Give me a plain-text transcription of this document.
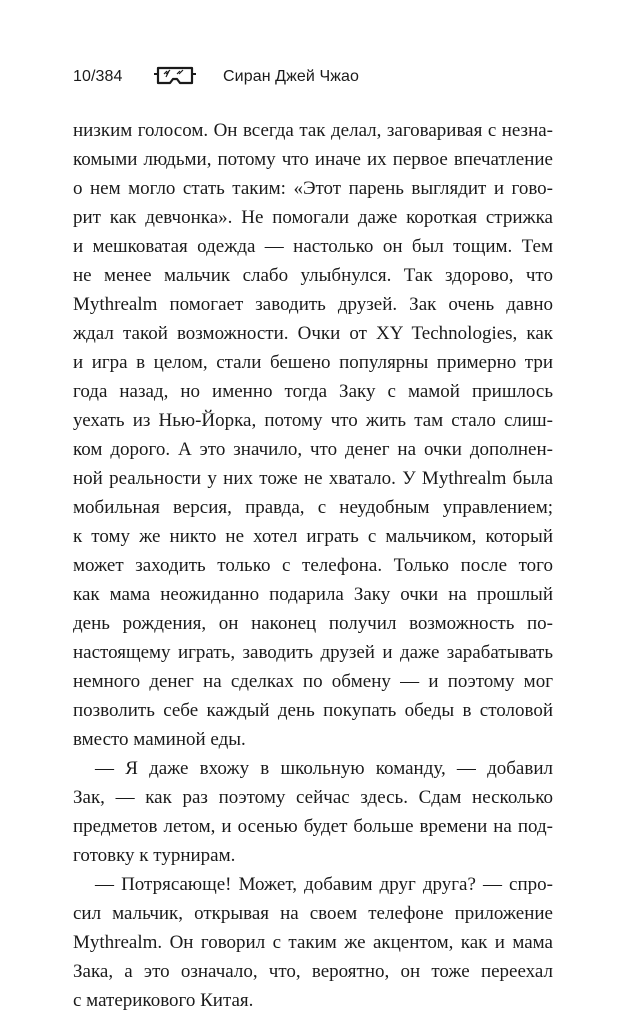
10/384	Сиран Джей Чжао
низким голосом. Он всегда так делал, заговаривая с незна-
комыми людьми, потому что иначе их первое впечатление
о нем могло стать таким: «Этот парень выглядит и гово-
рит как девчонка». Не помогали даже короткая стрижка
и мешковатая одежда — настолько он был тощим. Тем
не менее мальчик слабо улыбнулся. Так здорово, что
Mythrealm помогает заводить друзей. Зак очень давно
ждал такой возможности. Очки от XY Technologies, как
и игра в целом, стали бешено популярны примерно три
года назад, но именно тогда Заку с мамой пришлось
уехать из Нью-Йорка, потому что жить там стало слиш-
ком дорого. А это значило, что денег на очки дополнен-
ной реальности у них тоже не хватало. У Mythrealm была
мобильная версия, правда, с неудобным управлением;
к тому же никто не хотел играть с мальчиком, который
может заходить только с телефона. Только после того
как мама неожиданно подарила Заку очки на прошлый
день рождения, он наконец получил возможность по-
настоящему играть, заводить друзей и даже зарабатывать
немного денег на сделках по обмену — и поэтому мог
позволить себе каждый день покупать обеды в столовой
вместо маминой еды.
— Я даже вхожу в школьную команду, — добавил
Зак, — как раз поэтому сейчас здесь. Сдам несколько
предметов летом, и осенью будет больше времени на под-
готовку к турнирам.
— Потрясающе! Может, добавим друг друга? — спро-
сил мальчик, открывая на своем телефоне приложение
Mythrealm. Он говорил с таким же акцентом, как и мама
Зака, а это означало, что, вероятно, он тоже переехал
с материкового Китая.
